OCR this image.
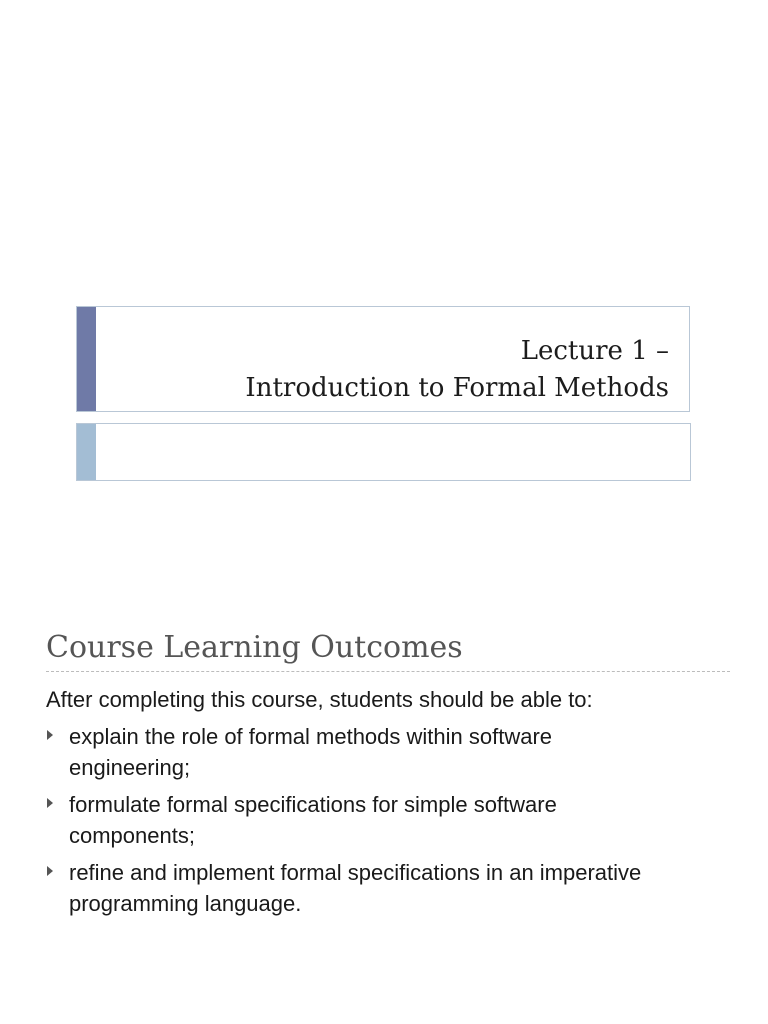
Lecture 1 –
Introduction to Formal Methods
Course Learning Outcomes
After completing this course, students should be able to:
explain the role of formal methods within software
engineering;
formulate formal specifications for simple software
components;
refine and implement formal specifications in an imperative
programming language.
